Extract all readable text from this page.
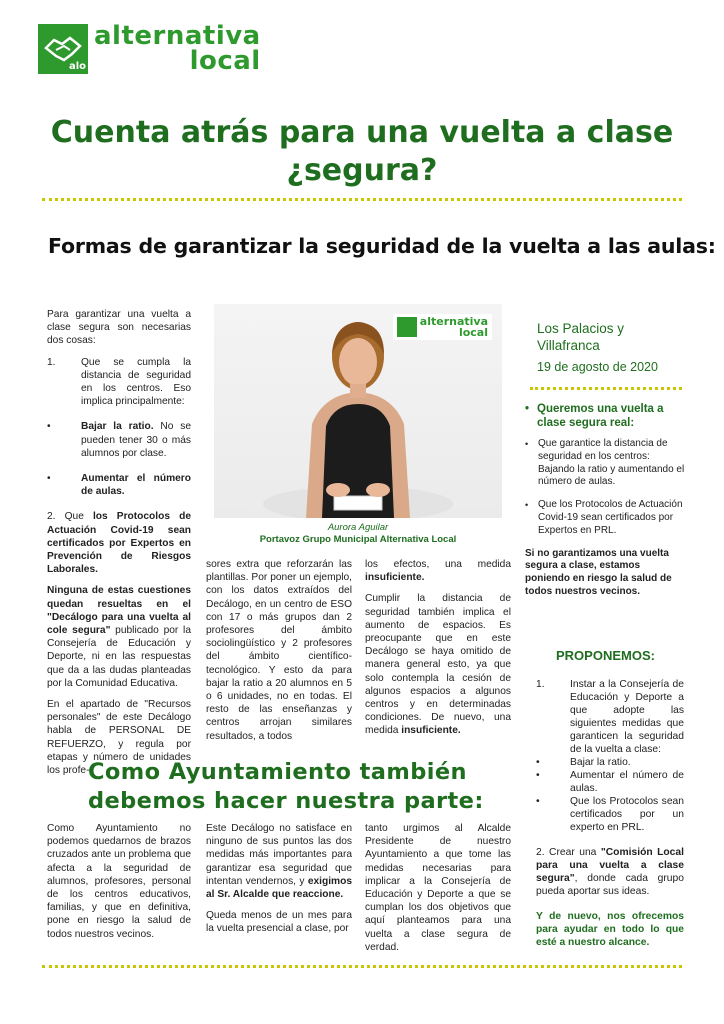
alo
alternativa
local
Cuenta atrás para una vuelta a clase
¿segura?
Formas de garantizar la seguridad de la vuelta a las aulas:

Para garantizar una vuelta a clase segura son necesarias dos cosas:

1.	Que se cumpla la distancia de seguridad en los centros. Eso implica principalmente:
•	Bajar la ratio. No se pueden tener 30 o más alumnos por clase.
•	Aumentar el número de aulas.

2. Que los Protocolos de Actuación Covid-19 sean certificados por Expertos en Prevención de Riesgos Laborales.

Ninguna de estas cuestiones quedan resueltas en el "Decálogo para una vuelta al cole segura" publicado por la Consejería de Educación y Deporte, ni en las respuestas que da a las dudas planteadas por la Comunidad Educativa.

En el apartado de "Recursos personales" de este Decálogo habla de PERSONAL DE REFUERZO, y regula por etapas y número de unidades los profe-

alternativa
local
Aurora Aguilar
Portavoz Grupo Municipal Alternativa Local

sores extra que reforzarán las plantillas. Por poner un ejemplo, con los datos extraídos del Decálogo, en un centro de ESO con 17 o más grupos dan 2 profesores del ámbito sociolingüístico y 2 profesores del ámbito científico-tecnológico. Y esto da para bajar la ratio a 20 alumnos en 5 o 6 unidades, no en todas. El resto de las enseñanzas y centros arrojan similares resultados, a todos

los efectos, una medida insuficiente.

Cumplir la distancia de seguridad también implica el aumento de espacios. Es preocupante que en este Decálogo se haya omitido de manera general esto, ya que solo contempla la cesión de algunos espacios a algunos centros y en determinadas condiciones. De nuevo, una medida insuficiente.

Los Palacios y Villafranca
19 de agosto de 2020
• Queremos una vuelta a clase segura real:
• Que garantice la distancia de seguridad en los centros: Bajando la ratio y aumentando el número de aulas.
• Que los Protocolos de Actuación Covid-19 sean certificados por Expertos en PRL.

Si no garantizamos una vuelta segura a clase, estamos poniendo en riesgo la salud de todos nuestros vecinos.

PROPONEMOS:
1. Instar a la Consejería de Educación y Deporte a que adopte las siguientes medidas que garanticen la seguridad de la vuelta a clase:
•	Bajar la ratio.
•	Aumentar el número de aulas.
•	Que los Protocolos sean certificados por un experto en PRL.
2. Crear una "Comisión Local para una vuelta a clase segura", donde cada grupo pueda aportar sus ideas.
Y de nuevo, nos ofrecemos para ayudar en todo lo que esté a nuestro alcance.
Como Ayuntamiento también
debemos hacer nuestra parte:

Como Ayuntamiento no podemos quedarnos de brazos cruzados ante un problema que afecta a la seguridad de alumnos, profesores, personal de los centros educativos, familias, y que en definitiva, pone en riesgo la salud de todos nuestros vecinos.

Este Decálogo no satisface en ninguno de sus puntos las dos medidas más importantes para garantizar esa seguridad que intentan vendernos, y exigimos al Sr. Alcalde que reaccione.

Queda menos de un mes para la vuelta presencial a clase, por

tanto urgimos al Alcalde Presidente de nuestro Ayuntamiento a que tome las medidas necesarias para implicar a la Consejería de Educación y Deporte a que se cumplan los dos objetivos que aquí planteamos para una vuelta a clase segura de verdad.
